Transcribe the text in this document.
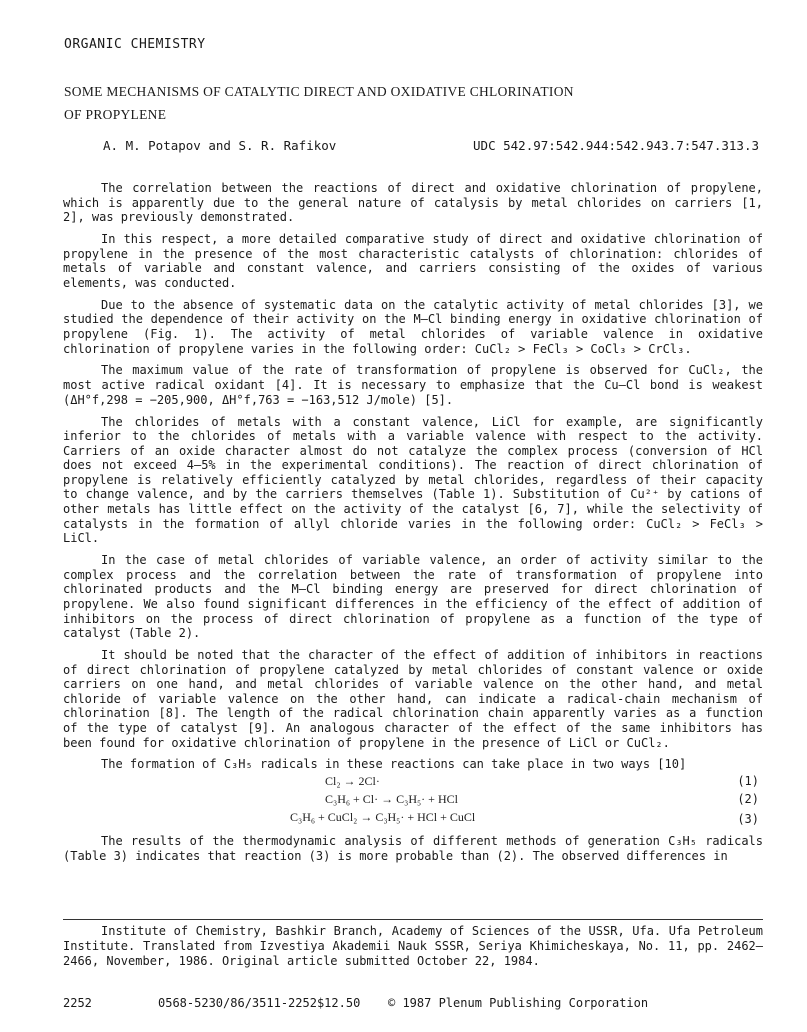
ORGANIC CHEMISTRY
SOME MECHANISMS OF CATALYTIC DIRECT AND OXIDATIVE CHLORINATION
OF PROPYLENE
A. M. Potapov and S. R. Rafikov	UDC 542.97:542.944:542.943.7:547.313.3

The correlation between the reactions of direct and oxidative chlorination of propylene, which is apparently due to the general nature of catalysis by metal chlorides on carriers [1, 2], was previously demonstrated.

In this respect, a more detailed comparative study of direct and oxidative chlorination of propylene in the presence of the most characteristic catalysts of chlorination: chlorides of metals of variable and constant valence, and carriers consisting of the oxides of various elements, was conducted.

Due to the absence of systematic data on the catalytic activity of metal chlorides [3], we studied the dependence of their activity on the M–Cl binding energy in oxidative chlorination of propylene (Fig. 1). The activity of metal chlorides of variable valence in oxidative chlorination of propylene varies in the following order: CuCl₂ > FeCl₃ > CoCl₃ > CrCl₃.

The maximum value of the rate of transformation of propylene is observed for CuCl₂, the most active radical oxidant [4]. It is necessary to emphasize that the Cu–Cl bond is weakest (ΔH°f,298 = −205,900, ΔH°f,763 = −163,512 J/mole) [5].

The chlorides of metals with a constant valence, LiCl for example, are significantly inferior to the chlorides of metals with a variable valence with respect to the activity. Carriers of an oxide character almost do not catalyze the complex process (conversion of HCl does not exceed 4–5% in the experimental conditions). The reaction of direct chlorination of propylene is relatively efficiently catalyzed by metal chlorides, regardless of their capacity to change valence, and by the carriers themselves (Table 1). Substitution of Cu²⁺ by cations of other metals has little effect on the activity of the catalyst [6, 7], while the selectivity of catalysts in the formation of allyl chloride varies in the following order: CuCl₂ > FeCl₃ > LiCl.

In the case of metal chlorides of variable valence, an order of activity similar to the complex process and the correlation between the rate of transformation of propylene into chlorinated products and the M–Cl binding energy are preserved for direct chlorination of propylene. We also found significant differences in the efficiency of the effect of addition of inhibitors on the process of direct chlorination of propylene as a function of the type of catalyst (Table 2).

It should be noted that the character of the effect of addition of inhibitors in reactions of direct chlorination of propylene catalyzed by metal chlorides of constant valence or oxide carriers on one hand, and metal chlorides of variable valence on the other hand, and metal chloride of variable valence on the other hand, can indicate a radical-chain mechanism of chlorination [8]. The length of the radical chlorination chain apparently varies as a function of the type of catalyst [9]. An analogous character of the effect of the same inhibitors has been found for oxidative chlorination of propylene in the presence of LiCl or CuCl₂.

The formation of C₃H₅ radicals in these reactions can take place in two ways [10]

Cl₂ → 2Cl·	(1)
C₃H₆ + Cl· → C₃H₅· + HCl	(2)
C₃H₆ + CuCl₂ → C₃H₅· + HCl + CuCl	(3)

The results of the thermodynamic analysis of different methods of generation C₃H₅ radicals (Table 3) indicates that reaction (3) is more probable than (2). The observed differences in

Institute of Chemistry, Bashkir Branch, Academy of Sciences of the USSR, Ufa. Ufa Petroleum Institute. Translated from Izvestiya Akademii Nauk SSSR, Seriya Khimicheskaya, No. 11, pp. 2462–2466, November, 1986. Original article submitted October 22, 1984.
2252	0568-5230/86/3511-2252$12.50 © 1987 Plenum Publishing Corporation
